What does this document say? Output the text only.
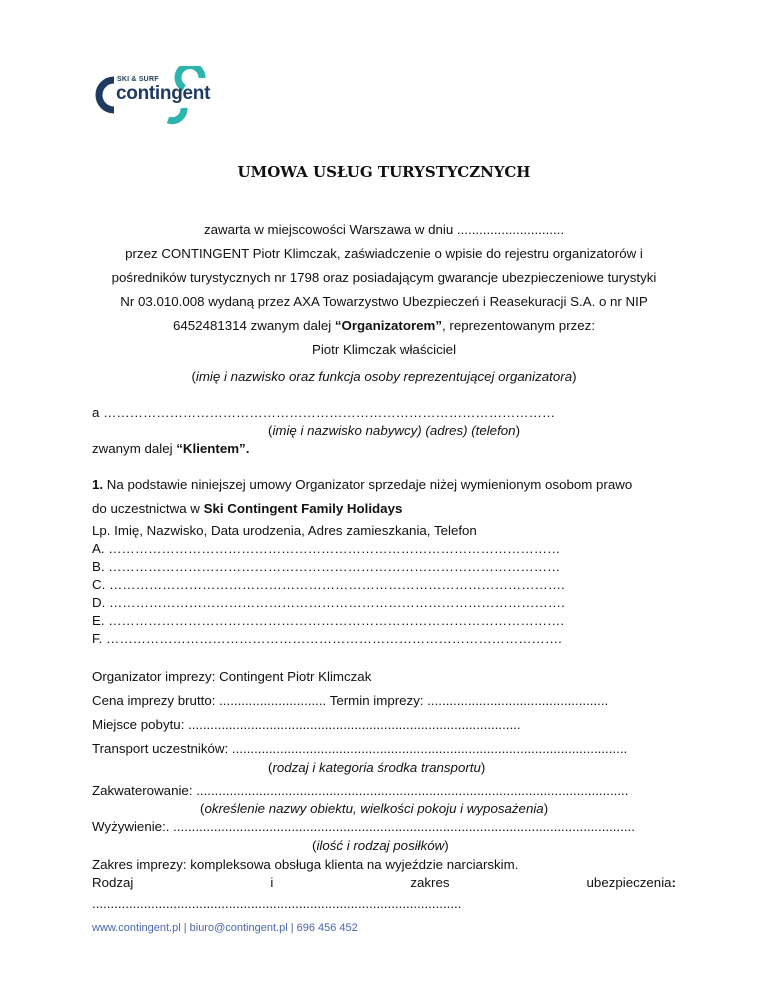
SKI & SURF
contingent
UMOWA USŁUG TURYSTYCZNYCH
zawarta w miejscowości Warszawa w dniu .............................
przez CONTINGENT Piotr Klimczak, zaświadczenie o wpisie do rejestru organizatorów i
pośredników turystycznych nr 1798 oraz posiadającym gwarancje ubezpieczeniowe turystyki
Nr 03.010.008 wydaną przez AXA Towarzystwo Ubezpieczeń i Reasekuracji S.A. o nr NIP
6452481314 zwanym dalej “Organizatorem”, reprezentowanym przez:
Piotr Klimczak właściciel
(imię i nazwisko oraz funkcja osoby reprezentującej organizatora)
a …………………………………………………………………………………………
(imię i nazwisko nabywcy) (adres) (telefon)
zwanym dalej “Klientem”.
1. Na podstawie niniejszej umowy Organizator sprzedaje niżej wymienionym osobom prawo
do uczestnictwa w Ski Contingent Family Holidays
Lp. Imię, Nazwisko, Data urodzenia, Adres zamieszkania, Telefon
A. …………………………………………………………………………………………
B. …………………………………………………………………………………………
C. ………………………………………………………………………………………….
D. ………………………………………………………………………………………….
E. ………………………………………………………………………………………….
F. ………………………………………………………………………………………….
Organizator imprezy: Contingent Piotr Klimczak
Cena imprezy brutto: ............................. Termin imprezy: .................................................
Miejsce pobytu: ..........................................................................................
Transport uczestników: ...........................................................................................................
(rodzaj i kategoria środka transportu)
Zakwaterowanie: .....................................................................................................................
(określenie nazwy obiektu, wielkości pokoju i wyposażenia)
Wyżywienie:. .............................................................................................................................
(ilość i rodzaj posiłków)
Zakres imprezy: kompleksowa obsługa klienta na wyjeździe narciarskim.
Rodzaj	i	zakres	ubezpieczenia:
....................................................................................................
www.contingent.pl | biuro@contingent.pl | 696 456 452
